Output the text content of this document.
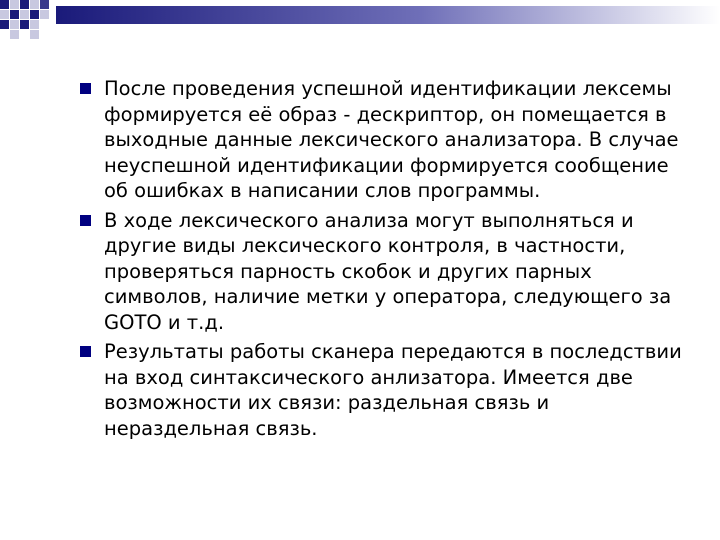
После проведения успешной идентификации лексемы формируется её образ - дескриптор, он помещается в выходные данные лексического анализатора. В случае неуспешной идентификации формируется сообщение об ошибках в написании слов программы.
В ходе лексического анализа могут выполняться и другие виды лексического контроля, в частности, проверяться парность скобок и других парных символов, наличие метки у оператора, следующего за GOTO и т.д.
Результаты работы сканера передаются в последствии на вход синтаксического анлизатора. Имеется две возможности их связи: раздельная связь и нераздельная связь.
